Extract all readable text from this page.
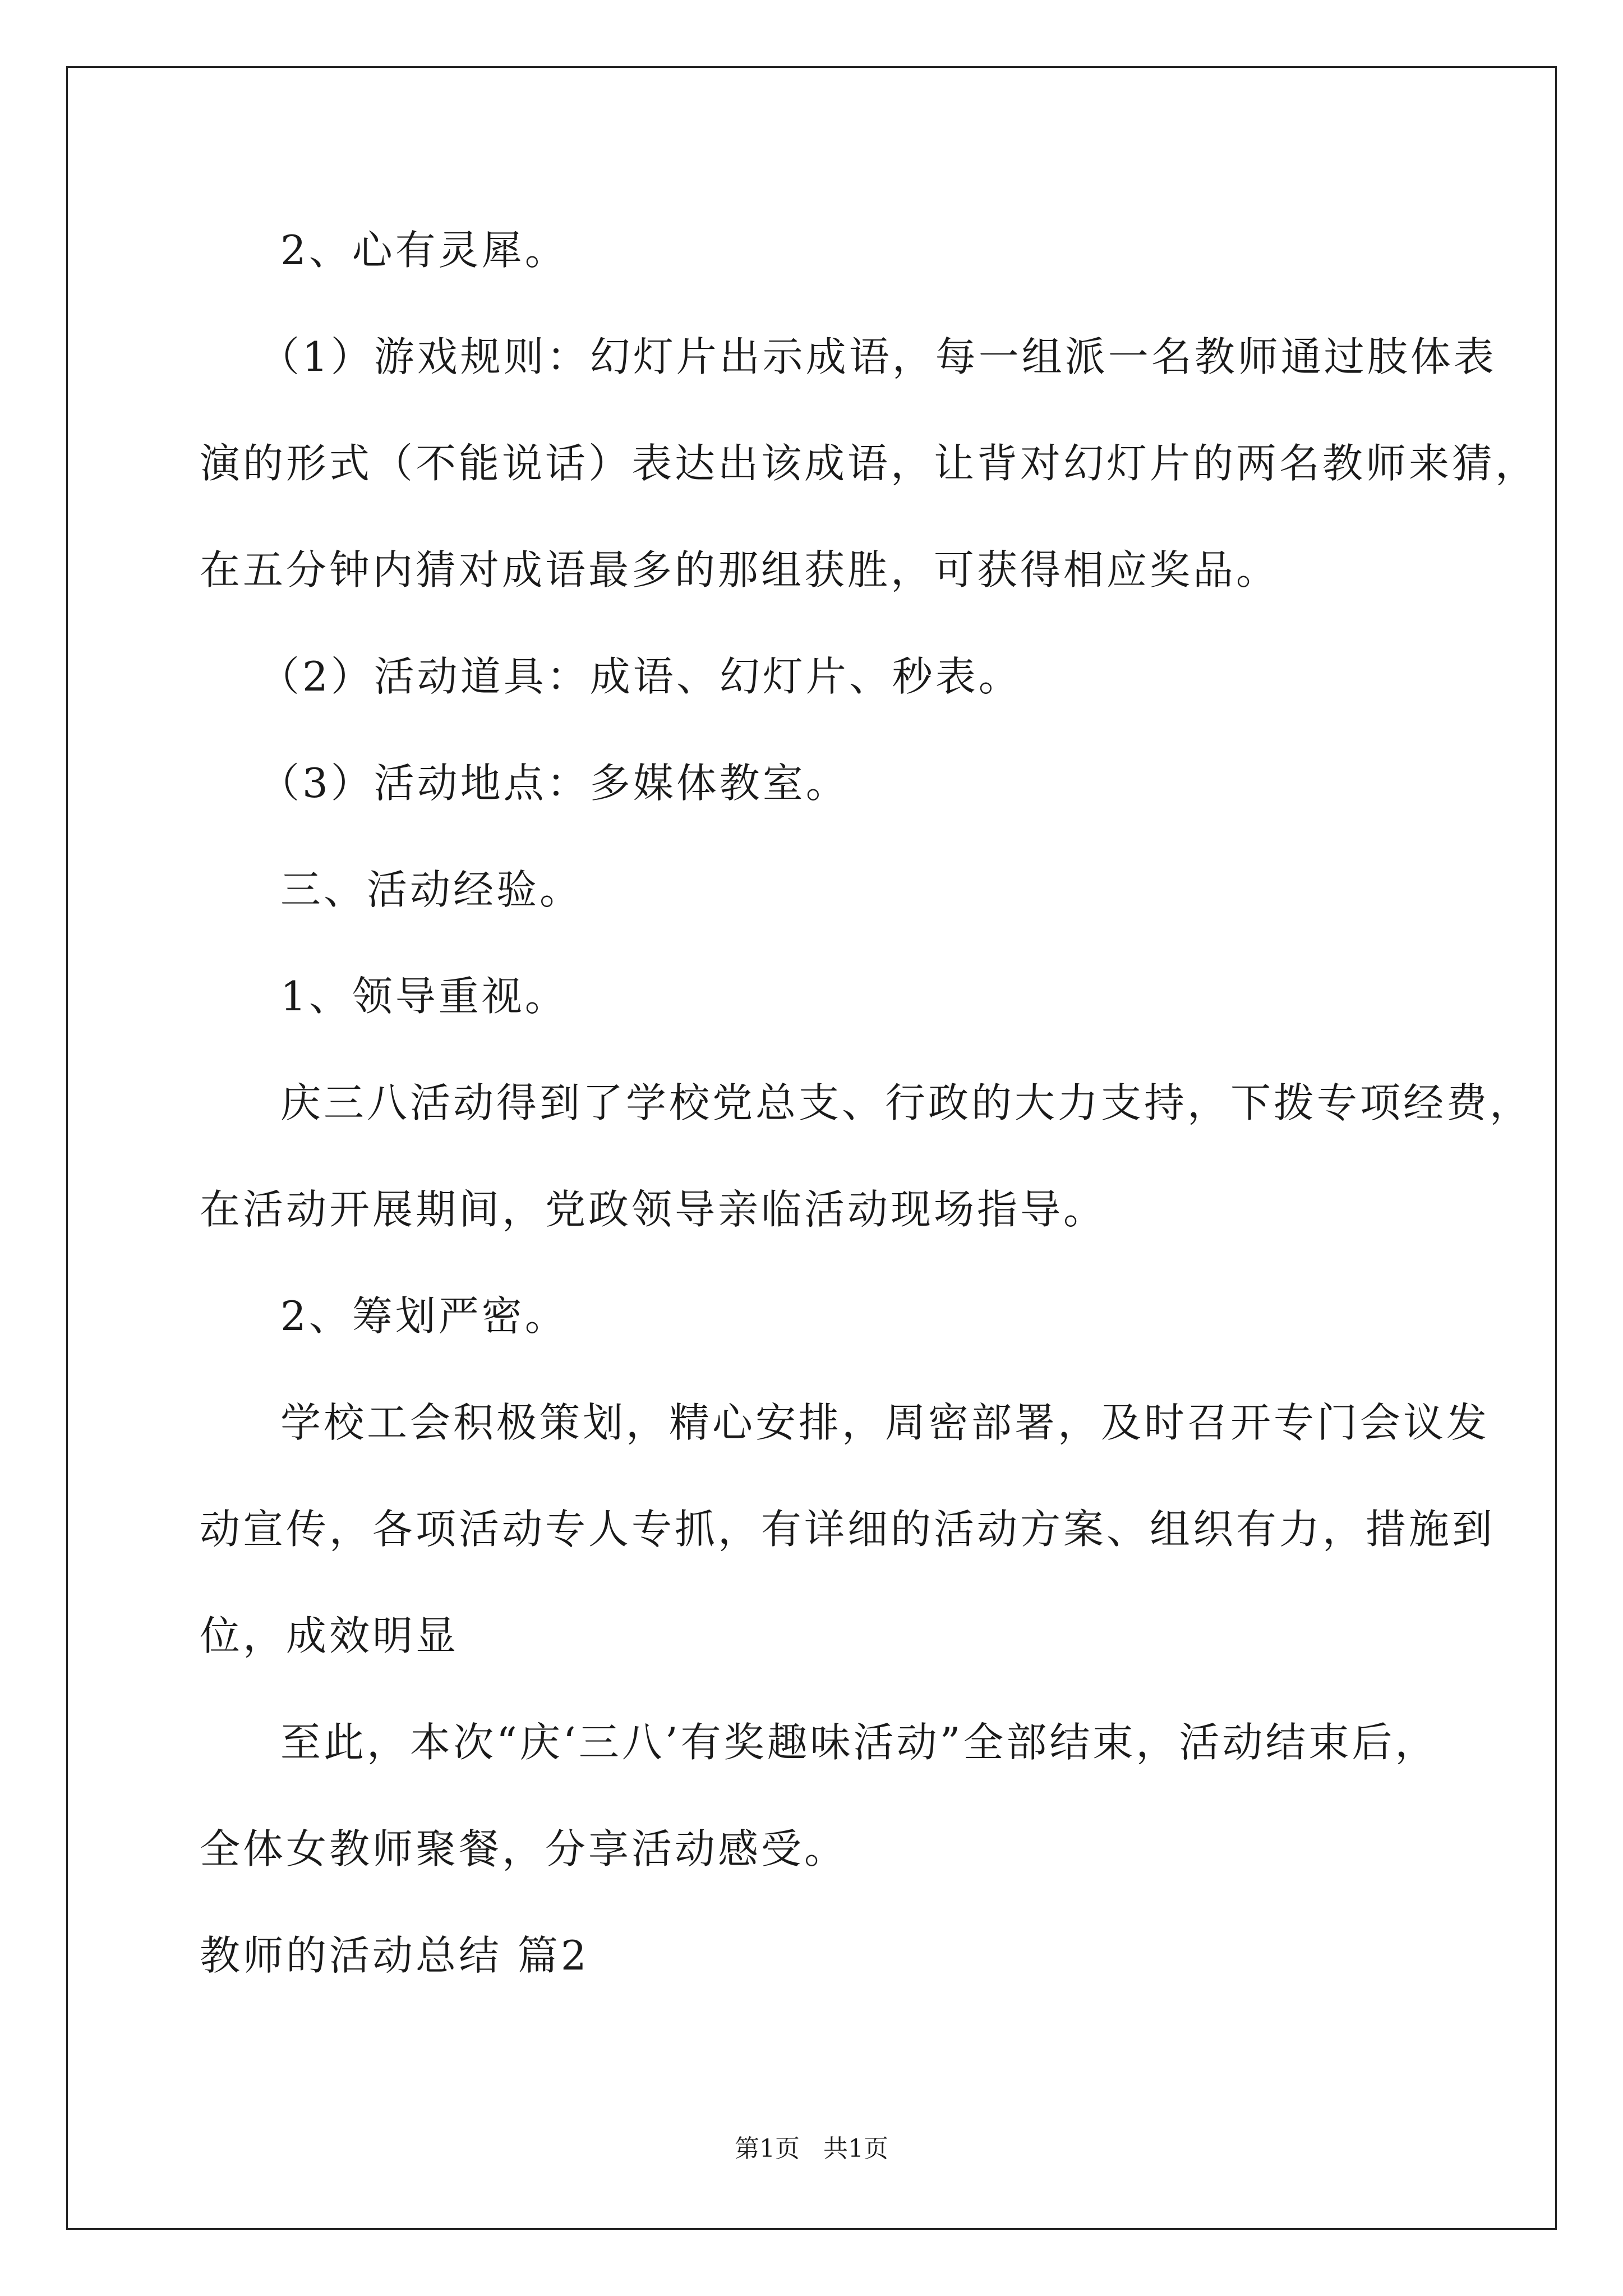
2、心有灵犀。
（1）游戏规则：幻灯片出示成语，每一组派一名教师通过肢体表
演的形式（不能说话）表达出该成语，让背对幻灯片的两名教师来猜，
在五分钟内猜对成语最多的那组获胜，可获得相应奖品。
（2）活动道具：成语、幻灯片、秒表。
（3）活动地点：多媒体教室。
三、活动经验。
1、领导重视。
庆三八活动得到了学校党总支、行政的大力支持，下拨专项经费，
在活动开展期间，党政领导亲临活动现场指导。
2、筹划严密。
学校工会积极策划，精心安排，周密部署，及时召开专门会议发
动宣传，各项活动专人专抓，有详细的活动方案、组织有力，措施到
位，成效明显
至此，本次“庆‘三八’有奖趣味活动”全部结束，活动结束后，
全体女教师聚餐，分享活动感受。
教师的活动总结 篇2
第1页   共1页
